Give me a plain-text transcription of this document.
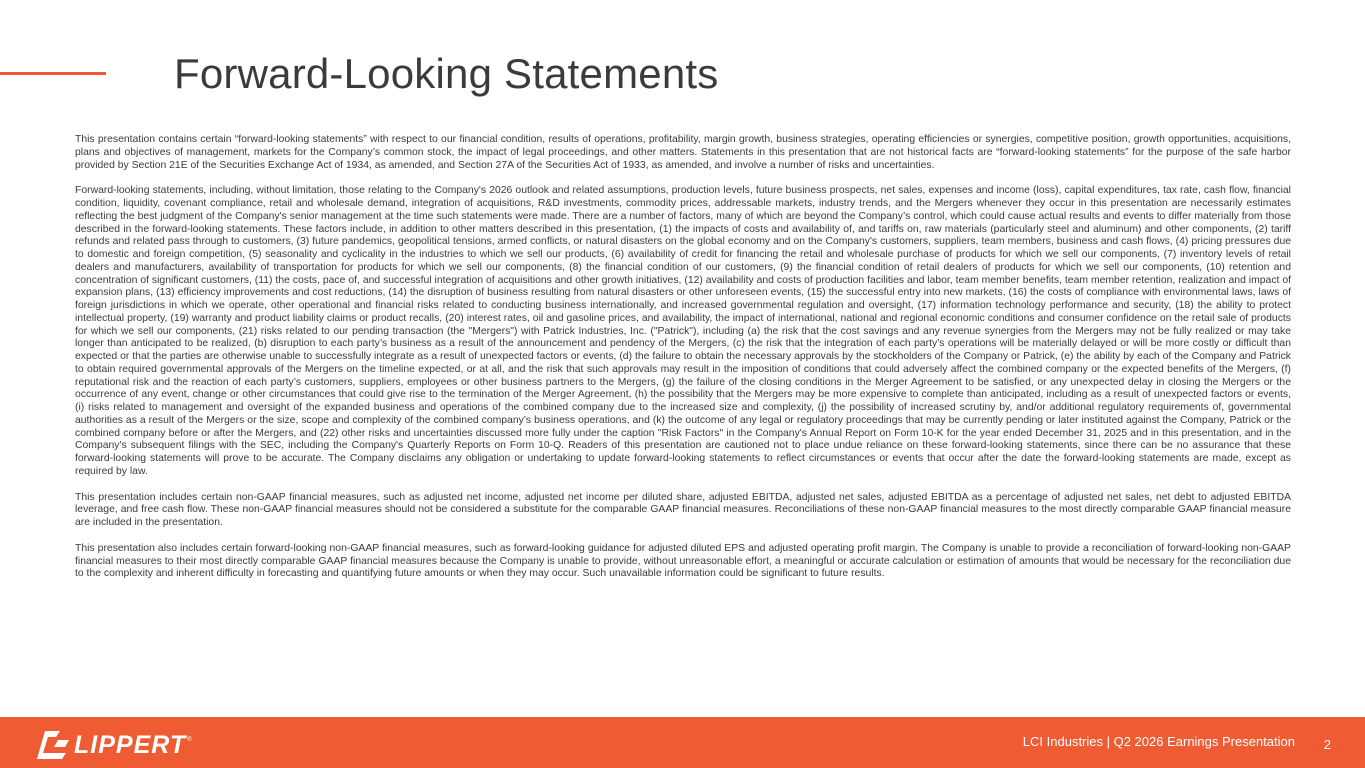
Forward-Looking Statements

This presentation contains certain “forward-looking statements” with respect to our financial condition, results of operations, profitability, margin growth, business strategies, operating efficiencies or synergies, competitive position, growth opportunities, acquisitions, plans and objectives of management, markets for the Company’s common stock, the impact of legal proceedings, and other matters. Statements in this presentation that are not historical facts are “forward-looking statements” for the purpose of the safe harbor provided by Section 21E of the Securities Exchange Act of 1934, as amended, and Section 27A of the Securities Act of 1933, as amended, and involve a number of risks and uncertainties.

Forward-looking statements, including, without limitation, those relating to the Company's 2026 outlook and related assumptions, production levels, future business prospects, net sales, expenses and income (loss), capital expenditures, tax rate, cash flow, financial condition, liquidity, covenant compliance, retail and wholesale demand, integration of acquisitions, R&D investments, commodity prices, addressable markets, industry trends, and the Mergers whenever they occur in this presentation are necessarily estimates reflecting the best judgment of the Company's senior management at the time such statements were made. There are a number of factors, many of which are beyond the Company’s control, which could cause actual results and events to differ materially from those described in the forward-looking statements. These factors include, in addition to other matters described in this presentation, (1) the impacts of costs and availability of, and tariffs on, raw materials (particularly steel and aluminum) and other components, (2) tariff refunds and related pass through to customers, (3) future pandemics, geopolitical tensions, armed conflicts, or natural disasters on the global economy and on the Company's customers, suppliers, team members, business and cash flows, (4) pricing pressures due to domestic and foreign competition, (5) seasonality and cyclicality in the industries to which we sell our products, (6) availability of credit for financing the retail and wholesale purchase of products for which we sell our components, (7) inventory levels of retail dealers and manufacturers, availability of transportation for products for which we sell our components, (8) the financial condition of our customers, (9) the financial condition of retail dealers of products for which we sell our components, (10) retention and concentration of significant customers, (11) the costs, pace of, and successful integration of acquisitions and other growth initiatives, (12) availability and costs of production facilities and labor, team member benefits, team member retention, realization and impact of expansion plans, (13) efficiency improvements and cost reductions, (14) the disruption of business resulting from natural disasters or other unforeseen events, (15) the successful entry into new markets, (16) the costs of compliance with environmental laws, laws of foreign jurisdictions in which we operate, other operational and financial risks related to conducting business internationally, and increased governmental regulation and oversight, (17) information technology performance and security, (18) the ability to protect intellectual property, (19) warranty and product liability claims or product recalls, (20) interest rates, oil and gasoline prices, and availability, the impact of international, national and regional economic conditions and consumer confidence on the retail sale of products for which we sell our components, (21) risks related to our pending transaction (the "Mergers") with Patrick Industries, Inc. ("Patrick"), including (a) the risk that the cost savings and any revenue synergies from the Mergers may not be fully realized or may take longer than anticipated to be realized, (b) disruption to each party’s business as a result of the announcement and pendency of the Mergers, (c) the risk that the integration of each party’s operations will be materially delayed or will be more costly or difficult than expected or that the parties are otherwise unable to successfully integrate as a result of unexpected factors or events, (d) the failure to obtain the necessary approvals by the stockholders of the Company or Patrick, (e) the ability by each of the Company and Patrick to obtain required governmental approvals of the Mergers on the timeline expected, or at all, and the risk that such approvals may result in the imposition of conditions that could adversely affect the combined company or the expected benefits of the Mergers, (f) reputational risk and the reaction of each party’s customers, suppliers, employees or other business partners to the Mergers, (g) the failure of the closing conditions in the Merger Agreement to be satisfied, or any unexpected delay in closing the Mergers or the occurrence of any event, change or other circumstances that could give rise to the termination of the Merger Agreement, (h) the possibility that the Mergers may be more expensive to complete than anticipated, including as a result of unexpected factors or events, (i) risks related to management and oversight of the expanded business and operations of the combined company due to the increased size and complexity, (j) the possibility of increased scrutiny by, and/or additional regulatory requirements of, governmental authorities as a result of the Mergers or the size, scope and complexity of the combined company’s business operations, and (k) the outcome of any legal or regulatory proceedings that may be currently pending or later instituted against the Company, Patrick or the combined company before or after the Mergers, and (22) other risks and uncertainties discussed more fully under the caption "Risk Factors" in the Company's Annual Report on Form 10-K for the year ended December 31, 2025 and in this presentation, and in the Company's subsequent filings with the SEC, including the Company's Quarterly Reports on Form 10-Q. Readers of this presentation are cautioned not to place undue reliance on these forward-looking statements, since there can be no assurance that these forward-looking statements will prove to be accurate. The Company disclaims any obligation or undertaking to update forward-looking statements to reflect circumstances or events that occur after the date the forward-looking statements are made, except as required by law.

This presentation includes certain non-GAAP financial measures, such as adjusted net income, adjusted net income per diluted share, adjusted EBITDA, adjusted net sales, adjusted EBITDA as a percentage of adjusted net sales, net debt to adjusted EBITDA leverage, and free cash flow. These non-GAAP financial measures should not be considered a substitute for the comparable GAAP financial measures. Reconciliations of these non-GAAP financial measures to the most directly comparable GAAP financial measure are included in the presentation.

This presentation also includes certain forward-looking non-GAAP financial measures, such as forward-looking guidance for adjusted diluted EPS and adjusted operating profit margin. The Company is unable to provide a reconciliation of forward-looking non-GAAP financial measures to their most directly comparable GAAP financial measures because the Company is unable to provide, without unreasonable effort, a meaningful or accurate calculation or estimation of amounts that would be necessary for the reconciliation due to the complexity and inherent difficulty in forecasting and quantifying future amounts or when they may occur. Such unavailable information could be significant to future results.

LIPPERT ®	LCI Industries | Q2 2026 Earnings Presentation 2
